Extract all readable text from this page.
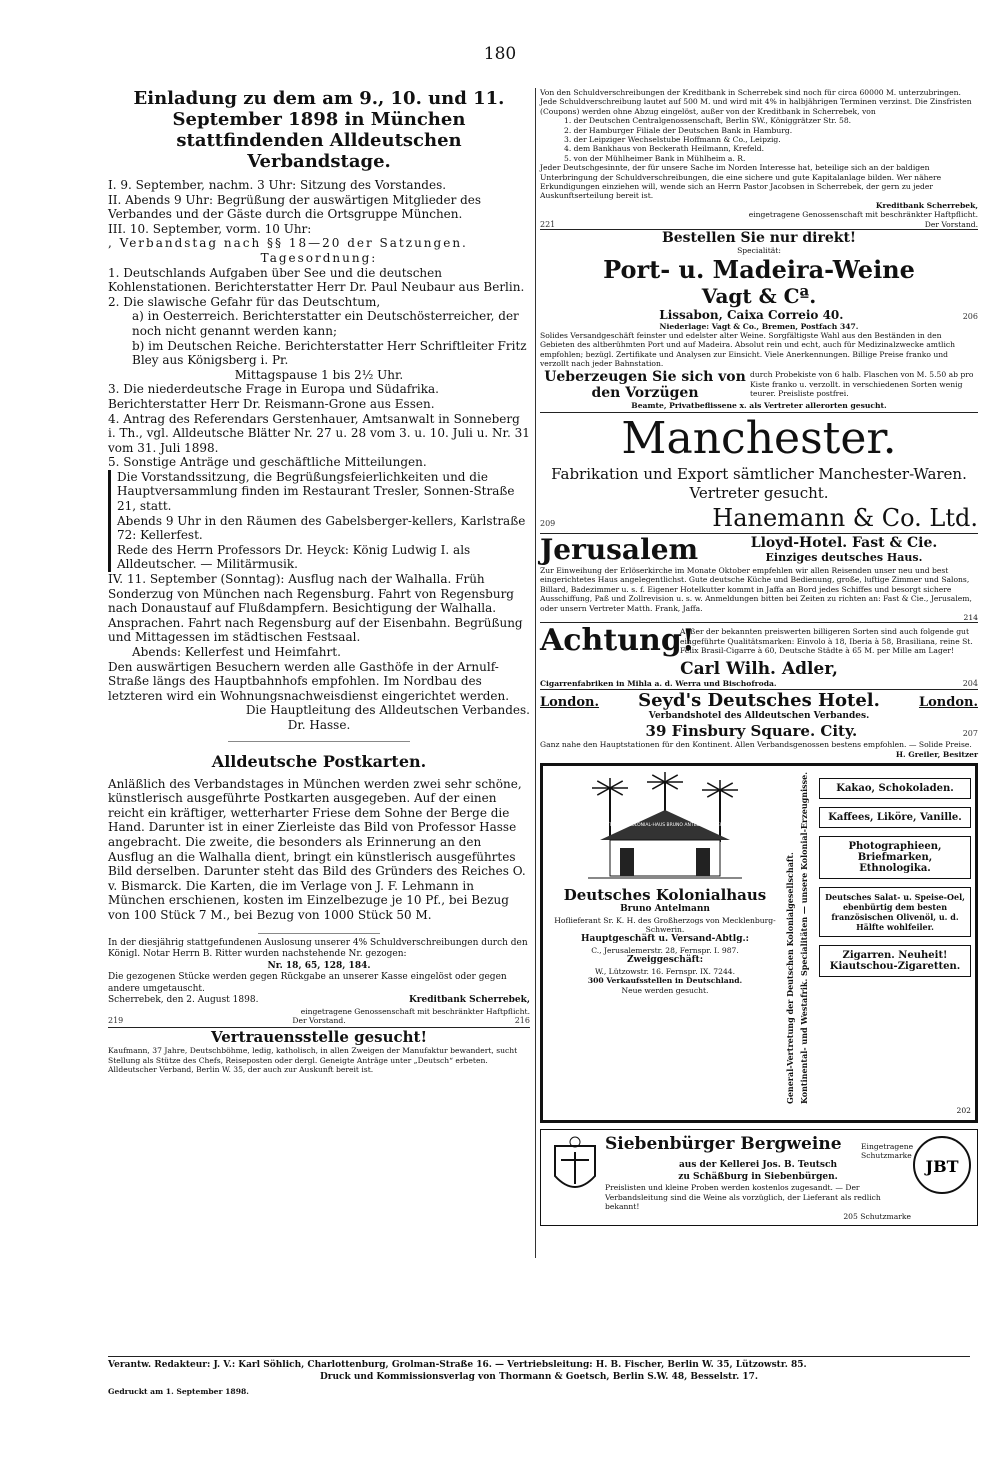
180
Einladung zu dem am 9., 10. und 11. September 1898 in München stattfindenden Alldeutschen Verbandstage.
I. 9. September, nachm. 3 Uhr: Sitzung des Vorstandes.
II. Abends 9 Uhr: Begrüßung der auswärtigen Mitglieder des Verbandes und der Gäste durch die Ortsgruppe München.
III. 10. September, vorm. 10 Uhr:
, Verbandstag nach §§ 18—20 der Satzungen.
Tagesordnung:
1. Deutschlands Aufgaben über See und die deutschen Kohlenstationen. Berichterstatter Herr Dr. Paul Neubaur aus Berlin.
2. Die slawische Gefahr für das Deutschtum,
a) in Oesterreich. Berichterstatter ein Deutschösterreicher, der noch nicht genannt werden kann;
b) im Deutschen Reiche. Berichterstatter Herr Schriftleiter Fritz Bley aus Königsberg i. Pr.
Mittagspause 1 bis 2½ Uhr.
3. Die niederdeutsche Frage in Europa und Südafrika. Berichterstatter Herr Dr. Reismann-Grone aus Essen.
4. Antrag des Referendars Gerstenhauer, Amtsanwalt in Sonneberg i. Th., vgl. Alldeutsche Blätter Nr. 27 u. 28 vom 3. u. 10. Juli u. Nr. 31 vom 31. Juli 1898.
5. Sonstige Anträge und geschäftliche Mitteilungen.
Die Vorstandssitzung, die Begrüßungsfeierlichkeiten und die Hauptversammlung finden im Restaurant Tresler, Sonnen-Straße 21, statt.
Abends 9 Uhr in den Räumen des Gabelsberger-kellers, Karlstraße 72: Kellerfest.
Rede des Herrn Professors Dr. Heyck: König Ludwig I. als Alldeutscher. — Militärmusik.
IV. 11. September (Sonntag): Ausflug nach der Walhalla. Früh Sonderzug von München nach Regensburg. Fahrt von Regensburg nach Donaustauf auf Flußdampfern. Besichtigung der Walhalla. Ansprachen. Fahrt nach Regensburg auf der Eisenbahn. Begrüßung und Mittagessen im städtischen Festsaal.
Abends: Kellerfest und Heimfahrt.
Den auswärtigen Besuchern werden alle Gasthöfe in der Arnulf-Straße längs des Hauptbahnhofs empfohlen. Im Nordbau des letzteren wird ein Wohnungsnachweisdienst eingerichtet werden.
Die Hauptleitung des Alldeutschen Verbandes.
Dr. Hasse.
Alldeutsche Postkarten.
Anläßlich des Verbandstages in München werden zwei sehr schöne, künstlerisch ausgeführte Postkarten ausgegeben. Auf der einen reicht ein kräftiger, wetterharter Friese dem Sohne der Berge die Hand. Darunter ist in einer Zierleiste das Bild von Professor Hasse angebracht. Die zweite, die besonders als Erinnerung an den Ausflug an die Walhalla dient, bringt ein künstlerisch ausgeführtes Bild derselben. Darunter steht das Bild des Gründers des Reiches O. v. Bismarck. Die Karten, die im Verlage von J. F. Lehmann in München erschienen, kosten im Einzelbezuge je 10 Pf., bei Bezug von 100 Stück 7 M., bei Bezug von 1000 Stück 50 M.
In der diesjährig stattgefundenen Auslosung unserer 4% Schuldverschreibungen durch den Königl. Notar Herrn B. Ritter wurden nachstehende Nr. gezogen:
Nr. 18, 65, 128, 184.
Die gezogenen Stücke werden gegen Rückgabe an unserer Kasse eingelöst oder gegen andere umgetauscht.
Scherrebek, den 2. August 1898.	Kreditbank Scherrebek,
eingetragene Genossenschaft mit beschränkter Haftpflicht.
219	Der Vorstand.	216
Vertrauensstelle gesucht!
Kaufmann, 37 Jahre, Deutschböhme, ledig, katholisch, in allen Zweigen der Manufaktur bewandert, sucht Stellung als Stütze des Chefs, Reiseposten oder dergl. Geneigte Anträge unter „Deutsch“ erbeten. Alldeutscher Verband, Berlin W. 35, der auch zur Auskunft bereit ist.
Von den Schuldverschreibungen der Kreditbank in Scherrebek sind noch für circa 60000 M. unterzubringen. Jede Schuldverschreibung lautet auf 500 M. und wird mit 4% in halbjährigen Terminen verzinst. Die Zinsfristen (Coupons) werden ohne Abzug eingelöst, außer von der Kreditbank in Scherrebek, von
1. der Deutschen Centralgenossenschaft, Berlin SW., Königgrätzer Str. 58.
2. der Hamburger Filiale der Deutschen Bank in Hamburg.
3. der Leipziger Wechselstube Hoffmann & Co., Leipzig.
4. dem Bankhaus von Beckerath Heilmann, Krefeld.
5. von der Mühlheimer Bank in Mühlheim a. R.
Jeder Deutschgesinnte, der für unsere Sache im Norden Interesse hat, beteilige sich an der baldigen Unterbringung der Schuldverschreibungen, die eine sichere und gute Kapitalanlage bilden. Wer nähere Erkundigungen einziehen will, wende sich an Herrn Pastor Jacobsen in Scherrebek, der gern zu jeder Auskunftserteilung bereit ist.
Kreditbank Scherrebek,
eingetragene Genossenschaft mit beschränkter Haftpflicht.
221	Der Vorstand.
Bestellen Sie nur direkt!
Specialität:
Port- u. Madeira-Weine
Vagt & Cª.
Lissabon, Caixa Correio 40.	206
Niederlage: Vagt & Co., Bremen, Postfach 347.
Solides Versandgeschäft feinster und edelster alter Weine. Sorgfältigste Wahl aus den Beständen in den Gebieten des altberühmten Port und auf Madeira. Absolut rein und echt, auch für Medizinalzwecke amtlich empfohlen; bezügl. Zertifikate und Analysen zur Einsicht. Viele Anerkennungen. Billige Preise franko und verzollt nach jeder Bahnstation.
Ueberzeugen Sie sich von den Vorzügen
durch Probekiste von 6 halb. Flaschen von M. 5.50 ab pro Kiste franko u. verzollt. in verschiedenen Sorten wenig teurer. Preisliste postfrei.
Beamte, Privatbeflissene x. als Vertreter allerorten gesucht.
Manchester.
Fabrikation und Export sämtlicher Manchester-Waren. Vertreter gesucht.
209	Hanemann & Co. Ltd.
Jerusalem	Lloyd-Hotel. Fast & Cie.
Einziges deutsches Haus.
Zur Einweihung der Erlöserkirche im Monate Oktober empfehlen wir allen Reisenden unser neu und best eingerichtetes Haus angelegentlichst. Gute deutsche Küche und Bedienung, große, luftige Zimmer und Salons, Billard, Badezimmer u. s. f. Eigener Hotelkutter kommt in Jaffa an Bord jedes Schiffes und besorgt sichere Ausschiffung, Paß und Zollrevision u. s. w. Anmeldungen bitten bei Zeiten zu richten an: Fast & Cie., Jerusalem, oder unsern Vertreter Matth. Frank, Jaffa.
214
Achtung!
Außer der bekannten preiswerten billigeren Sorten sind auch folgende gut eingeführte Qualitätsmarken: Einvolo à 18, Iberia à 58, Brasiliana, reine St. Felix Brasil-Cigarre à 60, Deutsche Städte à 65 M. per Mille am Lager!
Carl Wilh. Adler,
Cigarrenfabriken in Mihla a. d. Werra und Bischofroda.	204
London. Seyd's Deutsches Hotel.	London.
Verbandshotel des Alldeutschen Verbandes.
39 Finsbury Square. City.	207
Ganz nahe den Hauptstationen für den Kontinent. Allen Verbandsgenossen bestens empfohlen. — Solide Preise.
H. Greiler, Besitzer
DEUTSCHES KOLONIAL-HAUS BRUNO ANTELMANN BERLIN
Deutsches Kolonialhaus
Bruno Antelmann
Hoflieferant Sr. K. H. des Großherzogs von Mecklenburg-Schwerin.
Hauptgeschäft u. Versand-Abtlg.:
C., Jerusalemerstr. 28, Fernspr. I. 987.
Zweiggeschäft:
W., Lützowstr. 16. Fernspr. IX. 7244.
300 Verkaufsstellen in Deutschland.
Neue werden gesucht.	General-Vertretung der Deutschen Kolonialgesellschaft. Kontinental- und Westafrik. Specialitäten — unsere Kolonial-Erzeugnisse.	Kakao, Schokoladen.
Kaffees, Liköre, Vanille.
Photographieen, Briefmarken, Ethnologika.
Deutsches Salat- u. Speise-Oel, ebenbürtig dem besten französischen Olivenöl, u. d. Hälfte wohlfeiler.
Zigarren. Neuheit! Kiautschou-Zigaretten.
202
Siebenbürger Bergweine	Eingetragene Schutzmarke
aus der Kellerei Jos. B. Teutsch
zu Schäßburg in Siebenbürgen.
Preislisten und kleine Proben werden kostenlos zugesandt. — Der Verbandsleitung sind die Weine als vorzüglich, der Lieferant als redlich bekannt!
205 Schutzmarke
JBT
Verantw. Redakteur: J. V.: Karl Söhlich, Charlottenburg, Grolman-Straße 16. — Vertriebsleitung: H. B. Fischer, Berlin W. 35, Lützowstr. 85.
Druck und Kommissionsverlag von Thormann & Goetsch, Berlin S.W. 48, Besselstr. 17.
Gedruckt am 1. September 1898.
